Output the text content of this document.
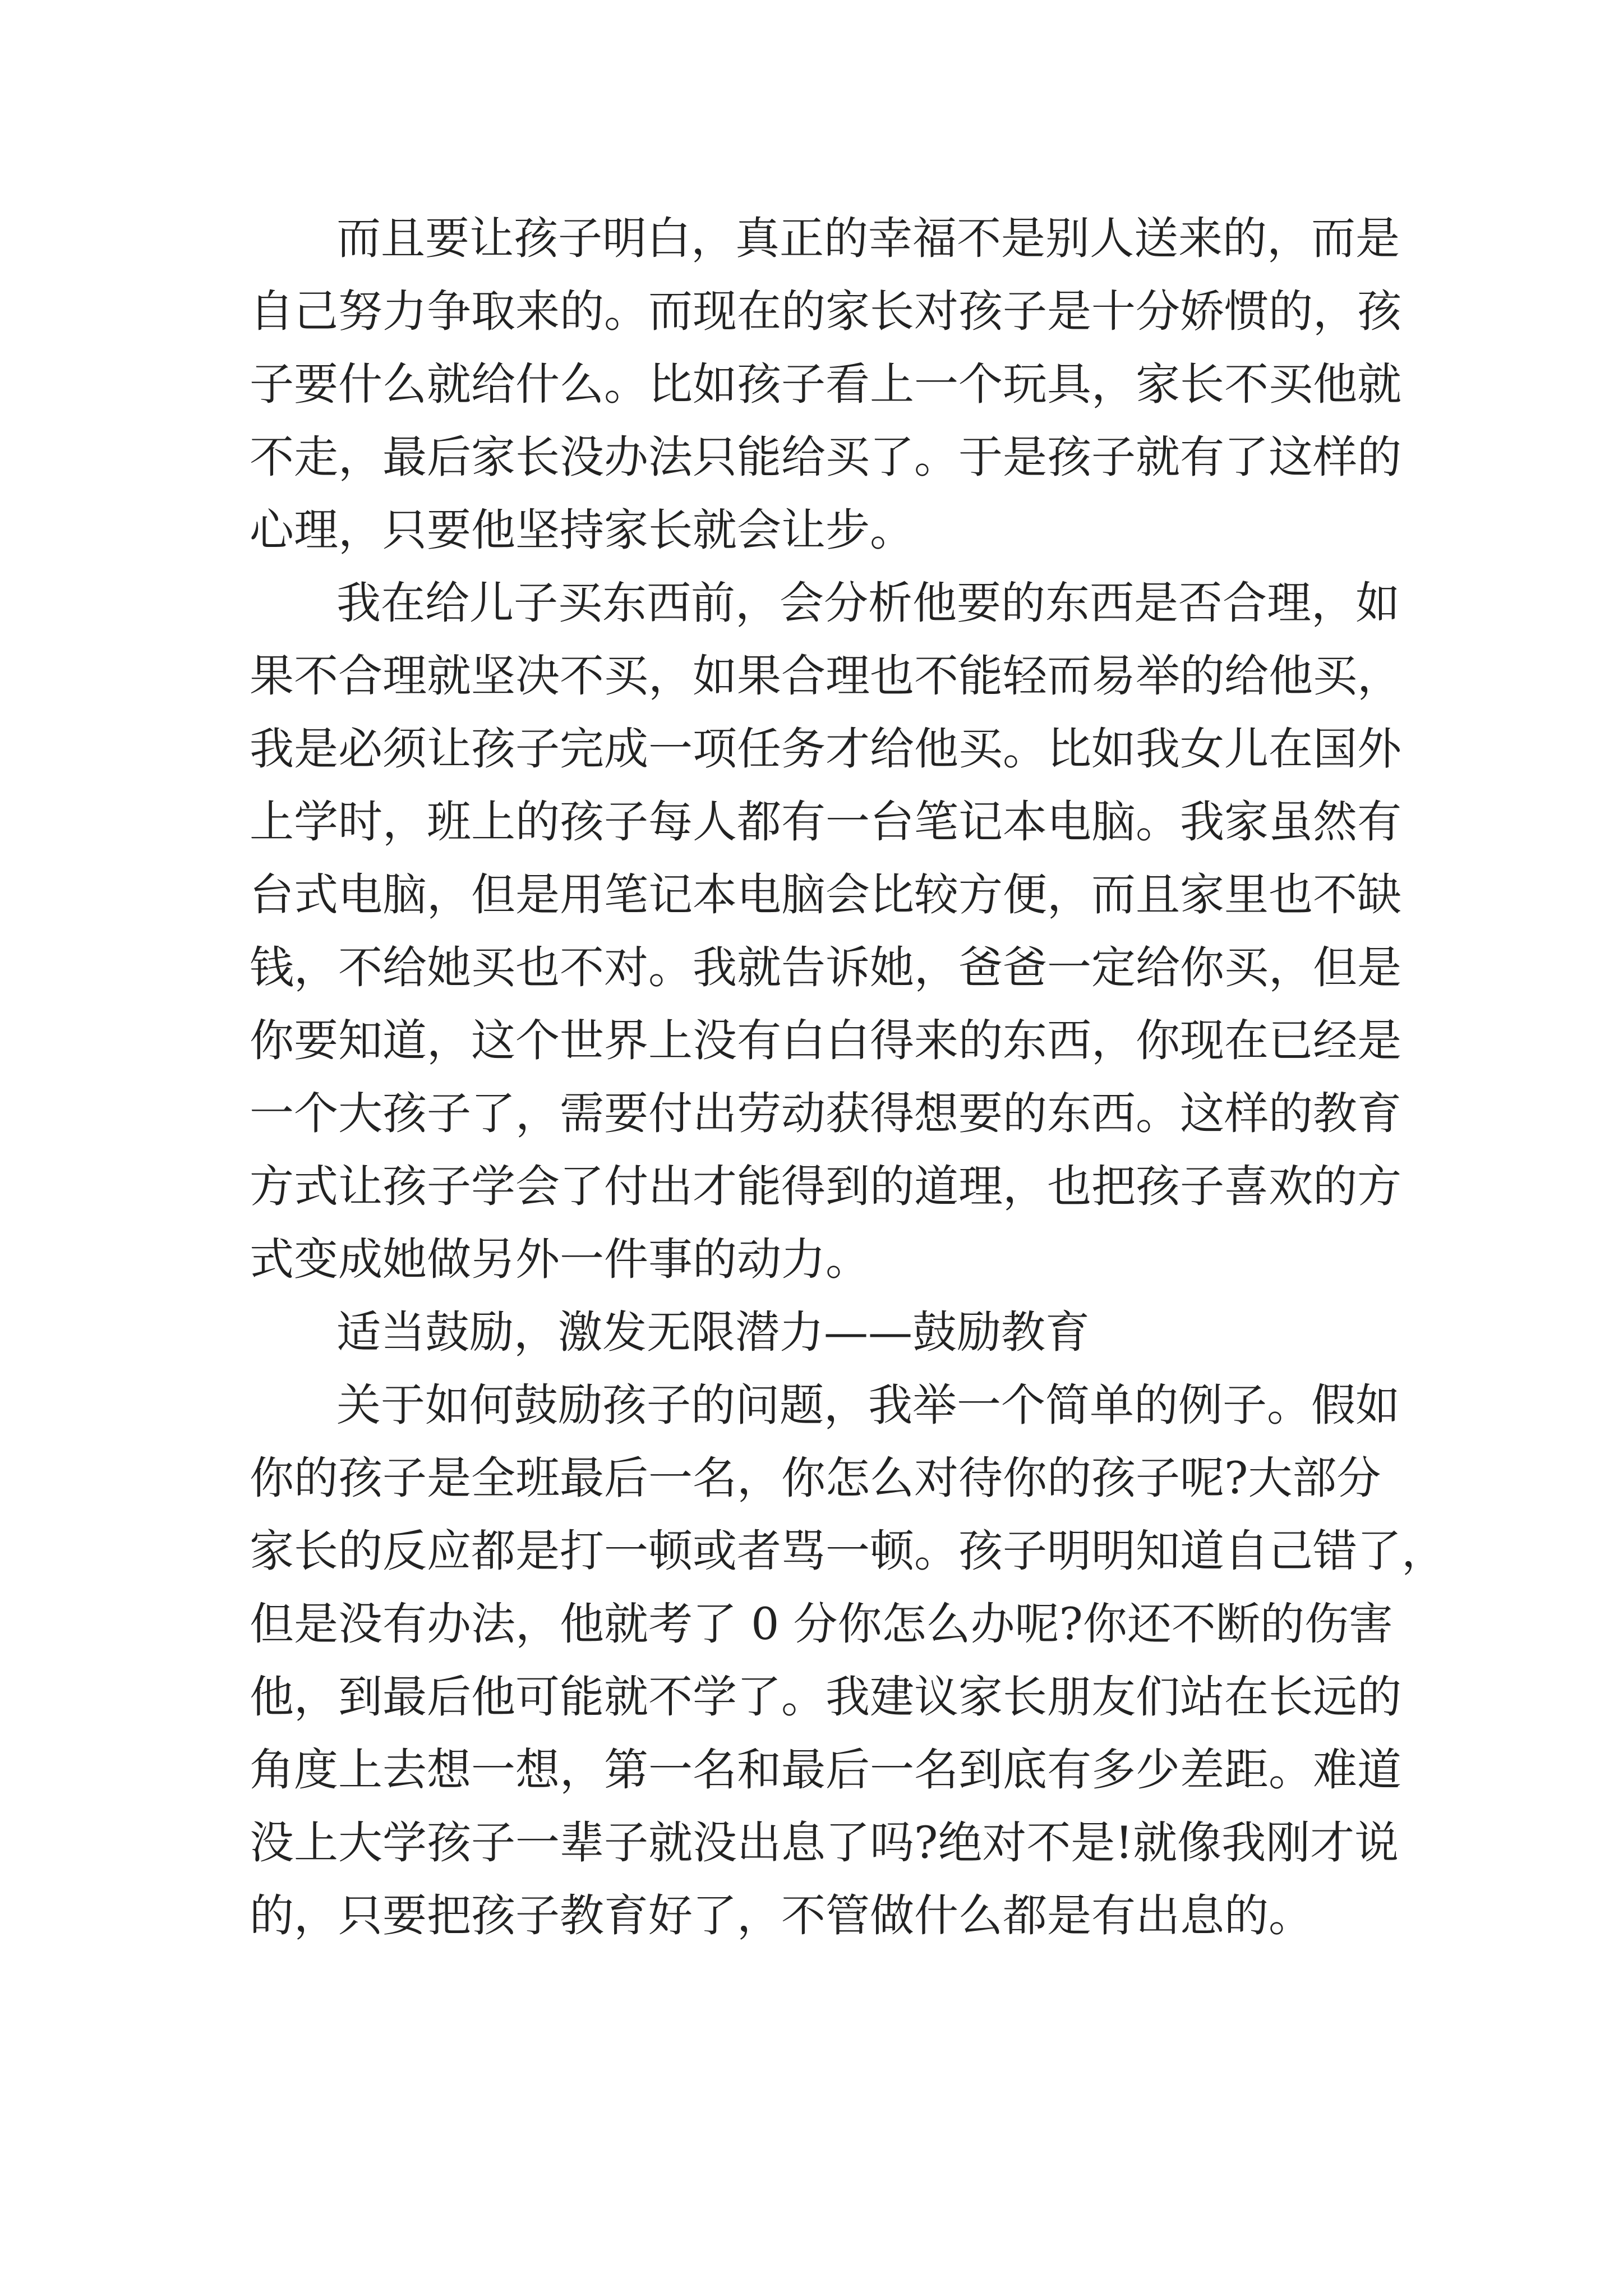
而且要让孩子明白，真正的幸福不是别人送来的，而是
自己努力争取来的。而现在的家长对孩子是十分娇惯的，孩
子要什么就给什么。比如孩子看上一个玩具，家长不买他就
不走，最后家长没办法只能给买了。于是孩子就有了这样的
心理，只要他坚持家长就会让步。
我在给儿子买东西前，会分析他要的东西是否合理，如
果不合理就坚决不买，如果合理也不能轻而易举的给他买，
我是必须让孩子完成一项任务才给他买。比如我女儿在国外
上学时，班上的孩子每人都有一台笔记本电脑。我家虽然有
台式电脑，但是用笔记本电脑会比较方便，而且家里也不缺
钱，不给她买也不对。我就告诉她，爸爸一定给你买，但是
你要知道，这个世界上没有白白得来的东西，你现在已经是
一个大孩子了，需要付出劳动获得想要的东西。这样的教育
方式让孩子学会了付出才能得到的道理，也把孩子喜欢的方
式变成她做另外一件事的动力。
适当鼓励，激发无限潜力——鼓励教育
关于如何鼓励孩子的问题，我举一个简单的例子。假如
你的孩子是全班最后一名，你怎么对待你的孩子呢?大部分
家长的反应都是打一顿或者骂一顿。孩子明明知道自己错了，
但是没有办法，他就考了 0 分你怎么办呢?你还不断的伤害
他，到最后他可能就不学了。我建议家长朋友们站在长远的
角度上去想一想，第一名和最后一名到底有多少差距。难道
没上大学孩子一辈子就没出息了吗?绝对不是!就像我刚才说
的，只要把孩子教育好了，不管做什么都是有出息的。
